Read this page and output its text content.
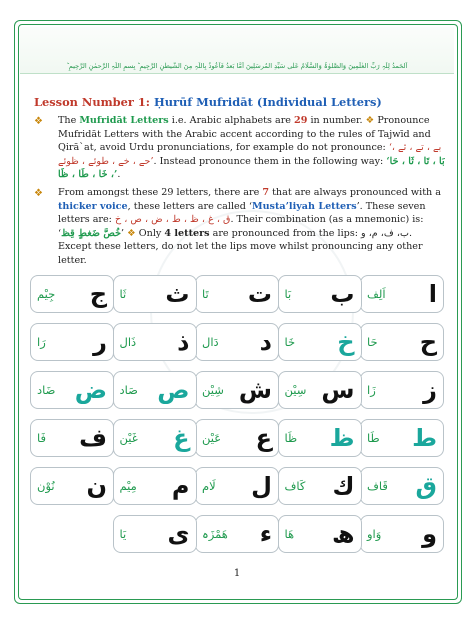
اَلحَمدُ لِلّٰہِ رَبِّ العٰلَمِینَ وَالصَّلوٰۃُ وَالسَّلَامُ عَلٰی سَیِّدِ المُرسَلِینَ اَمَّا بَعدُ فَاَعُوذُ بِاللّٰہِ مِنَ الشَّیطٰنِ الرَّجِیمِ ؕ بِسمِ اللّٰہِ الرَّحمٰنِ الرَّحِیمِ ؕ
Lesson Number 1: Ḥurūf Mufridāt (Individual Letters)
❖ The Mufridāt Letters i.e. Arabic alphabets are 29 in number. ❖ Pronounce Mufridāt Letters with the Arabic accent according to the rules of Tajwīd and Qirā`at, avoid Urdu pronunciations, for example do not pronounce: ‘بے ، تے ، ثے ، حے ، خے ، طوئے ، ظوئے’. Instead pronounce them in the following way: ‘بَا ، تَا ، ثَا ، حَا ، خَا ، طَا ، ظَا’.
❖ From amongst these 29 letters, there are 7 that are always pronounced with a thicker voice, these letters are called ‘Musta’liyah Letters’. These seven letters are: ق ، غ ، ظ ، ط ، ض ، ص ، خ. Their combination (as a mnemonic) is: ‘خُصَّ ضَغطٍ قِظ’ ❖ Only 4 letters are pronounced from the lips: ب، ف، م، و. Except these letters, do not let the lips move whilst pronouncing any other letter.
اَلِف ا
بَا ب
تَا ت
ثَا ث
جِیْم ج
حَا ح
خَا خ
دَال د
ذَال ذ
رَا ر
زَا ز
سِیْن س
شِیْن ش
صَاد ص
ضَاد ض
طَا ط
ظَا ظ
عَیْن ع
غَیْن غ
فَا ف
قَاف ق
كَاف ك
لَام ل
مِیْم م
نُوْن ن
وَاو و
ھَا ھ
ھَمْزَہ ء
یَا ی
1
